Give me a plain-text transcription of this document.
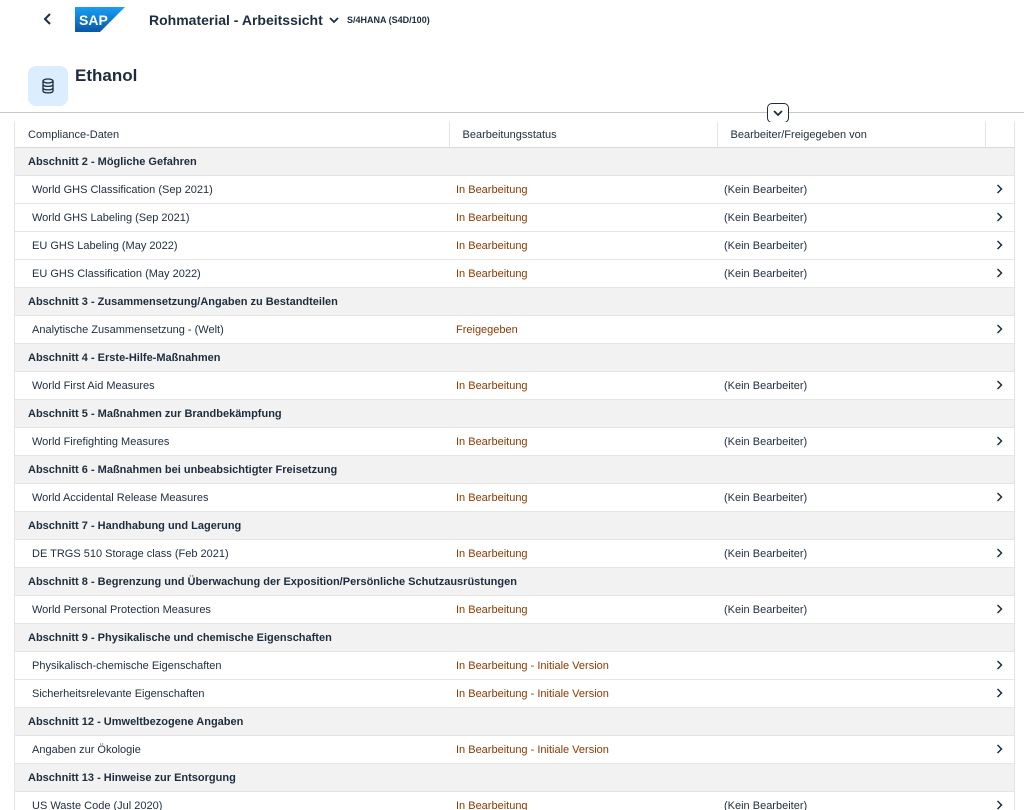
SAP	Rohmaterial - Arbeitssicht	S/4HANA (S4D/100)
Ethanol
Compliance-Daten	Bearbeitungsstatus	Bearbeiter/Freigegeben von	
Abschnitt 2 - Mögliche Gefahren			
World GHS Classification (Sep 2021)	In Bearbeitung	(Kein Bearbeiter)	
World GHS Labeling (Sep 2021)	In Bearbeitung	(Kein Bearbeiter)	
EU GHS Labeling (May 2022)	In Bearbeitung	(Kein Bearbeiter)	
EU GHS Classification (May 2022)	In Bearbeitung	(Kein Bearbeiter)	
Abschnitt 3 - Zusammensetzung/Angaben zu Bestandteilen			
Analytische Zusammensetzung - (Welt)	Freigegeben		
Abschnitt 4 - Erste-Hilfe-Maßnahmen			
World First Aid Measures	In Bearbeitung	(Kein Bearbeiter)	
Abschnitt 5 - Maßnahmen zur Brandbekämpfung			
World Firefighting Measures	In Bearbeitung	(Kein Bearbeiter)	
Abschnitt 6 - Maßnahmen bei unbeabsichtigter Freisetzung			
World Accidental Release Measures	In Bearbeitung	(Kein Bearbeiter)	
Abschnitt 7 - Handhabung und Lagerung			
DE TRGS 510 Storage class (Feb 2021)	In Bearbeitung	(Kein Bearbeiter)	
Abschnitt 8 - Begrenzung und Überwachung der Exposition/Persönliche Schutzausrüstungen			
World Personal Protection Measures	In Bearbeitung	(Kein Bearbeiter)	
Abschnitt 9 - Physikalische und chemische Eigenschaften			
Physikalisch-chemische Eigenschaften	In Bearbeitung - Initiale Version		
Sicherheitsrelevante Eigenschaften	In Bearbeitung - Initiale Version		
Abschnitt 12 - Umweltbezogene Angaben			
Angaben zur Ökologie	In Bearbeitung - Initiale Version		
Abschnitt 13 - Hinweise zur Entsorgung			
US Waste Code (Jul 2020)	In Bearbeitung	(Kein Bearbeiter)	
